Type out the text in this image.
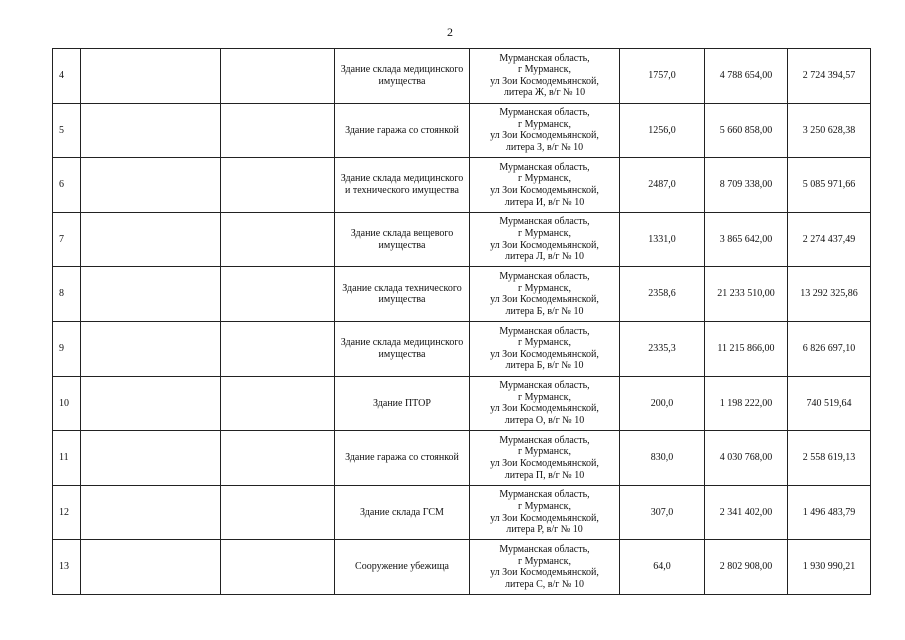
2
4			Здание склада медицинского имущества	Мурманская область,
г Мурманск,
ул Зои Космодемьянской,
литера Ж, в/г № 10	1757,0	4 788 654,00	2 724 394,57
5			Здание гаража со стоянкой	Мурманская область,
г Мурманск,
ул Зои Космодемьянской,
литера З, в/г № 10	1256,0	5 660 858,00	3 250 628,38
6			Здание склада медицинского и технического имущества	Мурманская область,
г Мурманск,
ул Зои Космодемьянской,
литера И, в/г № 10	2487,0	8 709 338,00	5 085 971,66
7			Здание склада вещевого имущества	Мурманская область,
г Мурманск,
ул Зои Космодемьянской,
литера Л, в/г № 10	1331,0	3 865 642,00	2 274 437,49
8			Здание склада технического имущества	Мурманская область,
г Мурманск,
ул Зои Космодемьянской,
литера Б, в/г № 10	2358,6	21 233 510,00	13 292 325,86
9			Здание склада медицинского имущества	Мурманская область,
г Мурманск,
ул Зои Космодемьянской,
литера Б, в/г № 10	2335,3	11 215 866,00	6 826 697,10
10			Здание ПТОР	Мурманская область,
г Мурманск,
ул Зои Космодемьянской,
литера О, в/г № 10	200,0	1 198 222,00	740 519,64
11			Здание гаража со стоянкой	Мурманская область,
г Мурманск,
ул Зои Космодемьянской,
литера П, в/г № 10	830,0	4 030 768,00	2 558 619,13
12			Здание склада ГСМ	Мурманская область,
г Мурманск,
ул Зои Космодемьянской,
литера Р, в/г № 10	307,0	2 341 402,00	1 496 483,79
13			Сооружение убежища	Мурманская область,
г Мурманск,
ул Зои Космодемьянской,
литера С, в/г № 10	64,0	2 802 908,00	1 930 990,21
